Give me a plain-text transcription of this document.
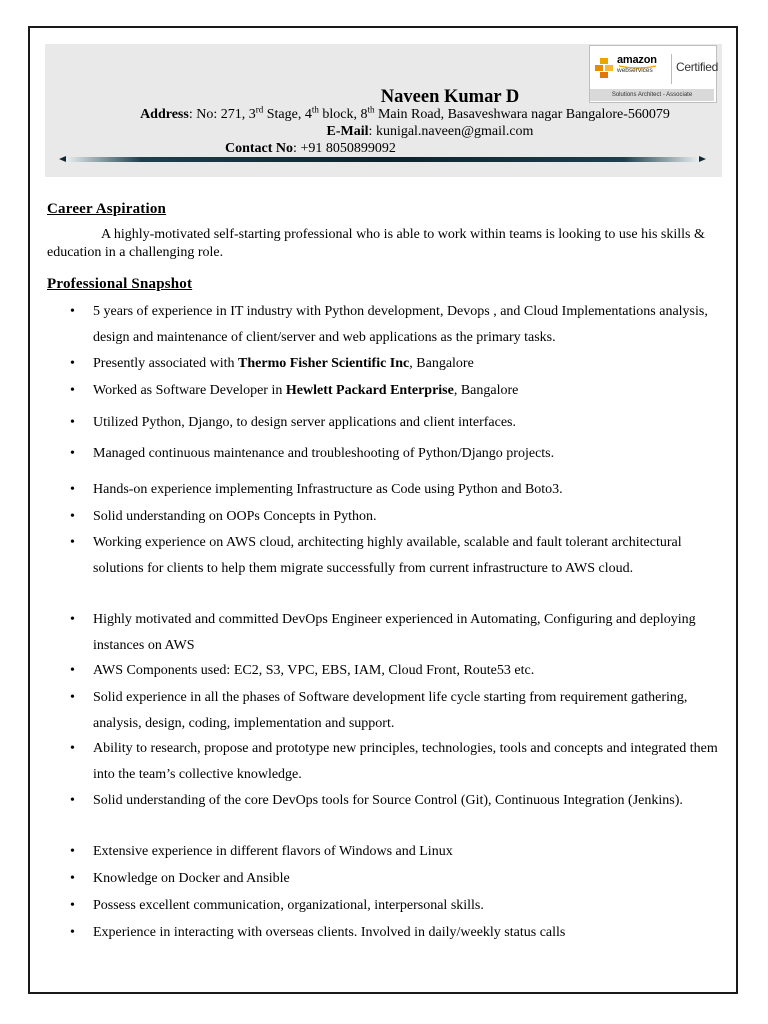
amazon
webservices Certified
Solutions Architect - Associate
Naveen Kumar D
Address: No: 271, 3rd Stage, 4th block, 8th Main Road, Basaveshwara nagar Bangalore-560079
E-Mail: kunigal.naveen@gmail.com
Contact No: +91 8050899092
Career Aspiration
A highly-motivated self-starting professional who is able to work within teams is looking to use his skills & education in a challenging role.
Professional Snapshot
• 5 years of experience in IT industry with Python development, Devops , and Cloud Implementations analysis, design and maintenance of client/server and web applications as the primary tasks.
• Presently associated with Thermo Fisher Scientific Inc, Bangalore
• Worked as Software Developer in Hewlett Packard Enterprise, Bangalore
• Utilized Python, Django, to design server applications and client interfaces.
• Managed continuous maintenance and troubleshooting of Python/Django projects.
• Hands-on experience implementing Infrastructure as Code using Python and Boto3.
• Solid understanding on OOPs Concepts in Python.
• Working experience on AWS cloud, architecting highly available, scalable and fault tolerant architectural solutions for clients to help them migrate successfully from current infrastructure to AWS cloud.
• Highly motivated and committed DevOps Engineer experienced in Automating, Configuring and deploying instances on AWS
• AWS Components used: EC2, S3, VPC, EBS, IAM, Cloud Front, Route53 etc.
• Solid experience in all the phases of Software development life cycle starting from requirement gathering, analysis, design, coding, implementation and support.
• Ability to research, propose and prototype new principles, technologies, tools and concepts and integrated them into the team’s collective knowledge.
• Solid understanding of the core DevOps tools for Source Control (Git), Continuous Integration (Jenkins).
• Extensive experience in different flavors of Windows and Linux
• Knowledge on Docker and Ansible
• Possess excellent communication, organizational, interpersonal skills.
• Experience in interacting with overseas clients. Involved in daily/weekly status calls
